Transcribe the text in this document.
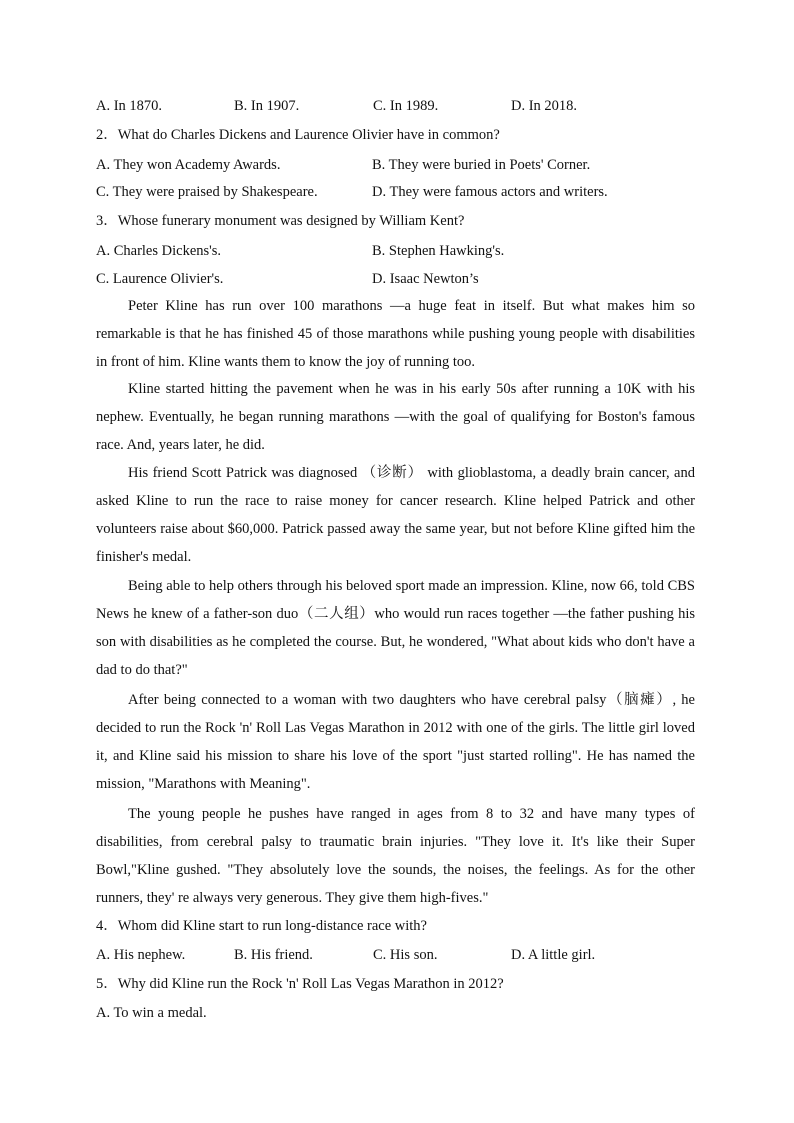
A. In 1870.	B. In 1907.	C. In 1989.	D. In 2018.
2．What do Charles Dickens and Laurence Olivier have in common?
A. They won Academy Awards.	B. They were buried in Poets' Corner.
C. They were praised by Shakespeare.	D. They were famous actors and writers.
3．Whose funerary monument was designed by William Kent?
A. Charles Dickens's.	B. Stephen Hawking's.
C. Laurence Olivier's.	D. Isaac Newton’s

Peter Kline has run over 100 marathons —a huge feat in itself. But what makes him so remarkable is that he has finished 45 of those marathons while pushing young people with disabilities in front of him. Kline wants them to know the joy of running too.

Kline started hitting the pavement when he was in his early 50s after running a 10K with his nephew. Eventually, he began running marathons —with the goal of qualifying for Boston's famous race. And, years later, he did.

His friend Scott Patrick was diagnosed （诊断） with glioblastoma, a deadly brain cancer, and asked Kline to run the race to raise money for cancer research. Kline helped Patrick and other volunteers raise about $60,000. Patrick passed away the same year, but not before Kline gifted him the finisher's medal.

Being able to help others through his beloved sport made an impression. Kline, now 66, told CBS News he knew of a father-son duo（二人组）who would run races together —the father pushing his son with disabilities as he completed the course. But, he wondered, "What about kids who don't have a dad to do that?"

After being connected to a woman with two daughters who have cerebral palsy（脑瘫）, he decided to run the Rock 'n' Roll Las Vegas Marathon in 2012 with one of the girls. The little girl loved it, and Kline said his mission to share his love of the sport "just started rolling". He has named the mission, "Marathons with Meaning".

The young people he pushes have ranged in ages from 8 to 32 and have many types of disabilities, from cerebral palsy to traumatic brain injuries. "They love it. It's like their Super Bowl,"Kline gushed. "They absolutely love the sounds, the noises, the feelings. As for the other runners, they' re always very generous. They give them high-fives."

4．Whom did Kline start to run long-distance race with?
A. His nephew.	B. His friend.	C. His son.	D. A little girl.
5．Why did Kline run the Rock 'n' Roll Las Vegas Marathon in 2012?
A. To win a medal.
